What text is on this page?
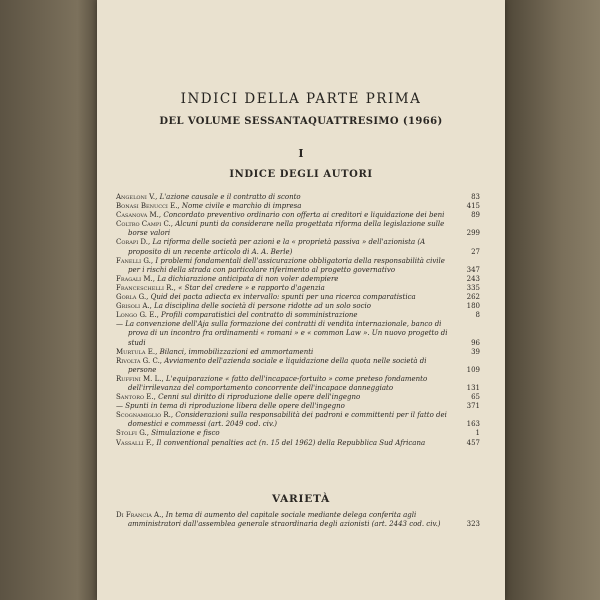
INDICI DELLA PARTE PRIMA
DEL VOLUME SESSANTAQUATTRESIMO (1966)
I
INDICE DEGLI AUTORI
Angeloni V., L'azione causale e il contratto di sconto	83
Bonasi Benucci E., Nome civile e marchio di impresa	415
Casanova M., Concordato preventivo ordinario con offerta ai creditori e liquidazione dei beni	89
Coltro Campi C., Alcuni punti da considerare nella progettata riforma della legislazione sulle borse valori	299
Corapi D., La riforma delle società per azioni e la « proprietà passiva » dell'azionista (A proposito di un recente articolo di A. A. Berle)	27
Fanelli G., I problemi fondamentali dell'assicurazione obbligatoria della responsabilità civile per i rischi della strada con particolare riferimento al progetto governativo	347
Fragali M., La dichiarazione anticipata di non voler adempiere	243
Franceschelli R., « Star del credere » e rapporto d'agenzia	335
Gorla G., Quid dei pacta adiecta ex intervallo: spunti per una ricerca comparatistica	262
Grisoli A., La disciplina delle società di persone ridotte ad un solo socio	180
Longo G. E., Profili comparatistici del contratto di somministrazione	8
— La convenzione dell'Aja sulla formazione dei contratti di vendita internazionale, banco di prova di un incontro fra ordinamenti « romani » e « common Law ». Un nuovo progetto di studi	96
Murtula E., Bilanci, immobilizzazioni ed ammortamenti	39
Rivolta G. C., Avviamento dell'azienda sociale e liquidazione della quota nelle società di persone	109
Ruffini M. L., L'equiparazione « fatto dell'incapace-fortuito » come preteso fondamento dell'irrilevanza del comportamento concorrente dell'incapace danneggiato	131
Santoro E., Cenni sul diritto di riproduzione delle opere dell'ingegno	65
— Spunti in tema di riproduzione libera delle opere dell'ingegno	371
Scognamiglio R., Considerazioni sulla responsabilità dei padroni e committenti per il fatto dei domestici e commessi (art. 2049 cod. civ.)	163
Stolfi G., Simulazione e fisco	1
Vassalli F., Il conventional penalties act (n. 15 del 1962) della Repubblica Sud Africana	457
VARIETÀ
Di Francia A., In tema di aumento del capitale sociale mediante delega conferita agli amministratori dall'assemblea generale straordinaria degli azionisti (art. 2443 cod. civ.)	323
